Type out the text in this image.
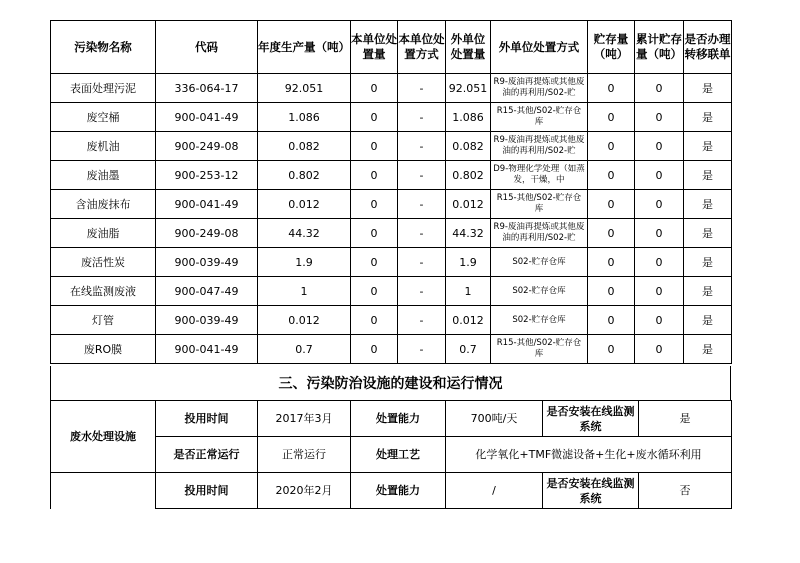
污染物名称	代码	年度生产量（吨）	本单位处置量	本单位处置方式	外单位处置量	外单位处置方式	贮存量（吨）	累计贮存量（吨）	是否办理转移联单
表面处理污泥	336-064-17	92.051	0	-	92.051	R9-废油再提炼或其他废油的再利用/S02-贮	0	0	是
废空桶	900-041-49	1.086	0	-	1.086	R15-其他/S02-贮存仓库	0	0	是
废机油	900-249-08	0.082	0	-	0.082	R9-废油再提炼或其他废油的再利用/S02-贮	0	0	是
废油墨	900-253-12	0.802	0	-	0.802	D9-物理化学处理（如蒸发，干燥，中	0	0	是
含油废抹布	900-041-49	0.012	0	-	0.012	R15-其他/S02-贮存仓库	0	0	是
废油脂	900-249-08	44.32	0	-	44.32	R9-废油再提炼或其他废油的再利用/S02-贮	0	0	是
废活性炭	900-039-49	1.9	0	-	1.9	S02-贮存仓库	0	0	是
在线监测废液	900-047-49	1	0	-	1	S02-贮存仓库	0	0	是
灯管	900-039-49	0.012	0	-	0.012	S02-贮存仓库	0	0	是
废RO膜	900-041-49	0.7	0	-	0.7	R15-其他/S02-贮存仓库	0	0	是
三、污染防治设施的建设和运行情况
废水处理设施	投用时间	2017年3月	处置能力	700吨/天	是否安装在线监测系统	是
	是否正常运行	正常运行	处理工艺	化学氧化+TMF微滤设备+生化+废水循环利用		
	投用时间	2020年2月	处置能力	/	是否安装在线监测系统	否
